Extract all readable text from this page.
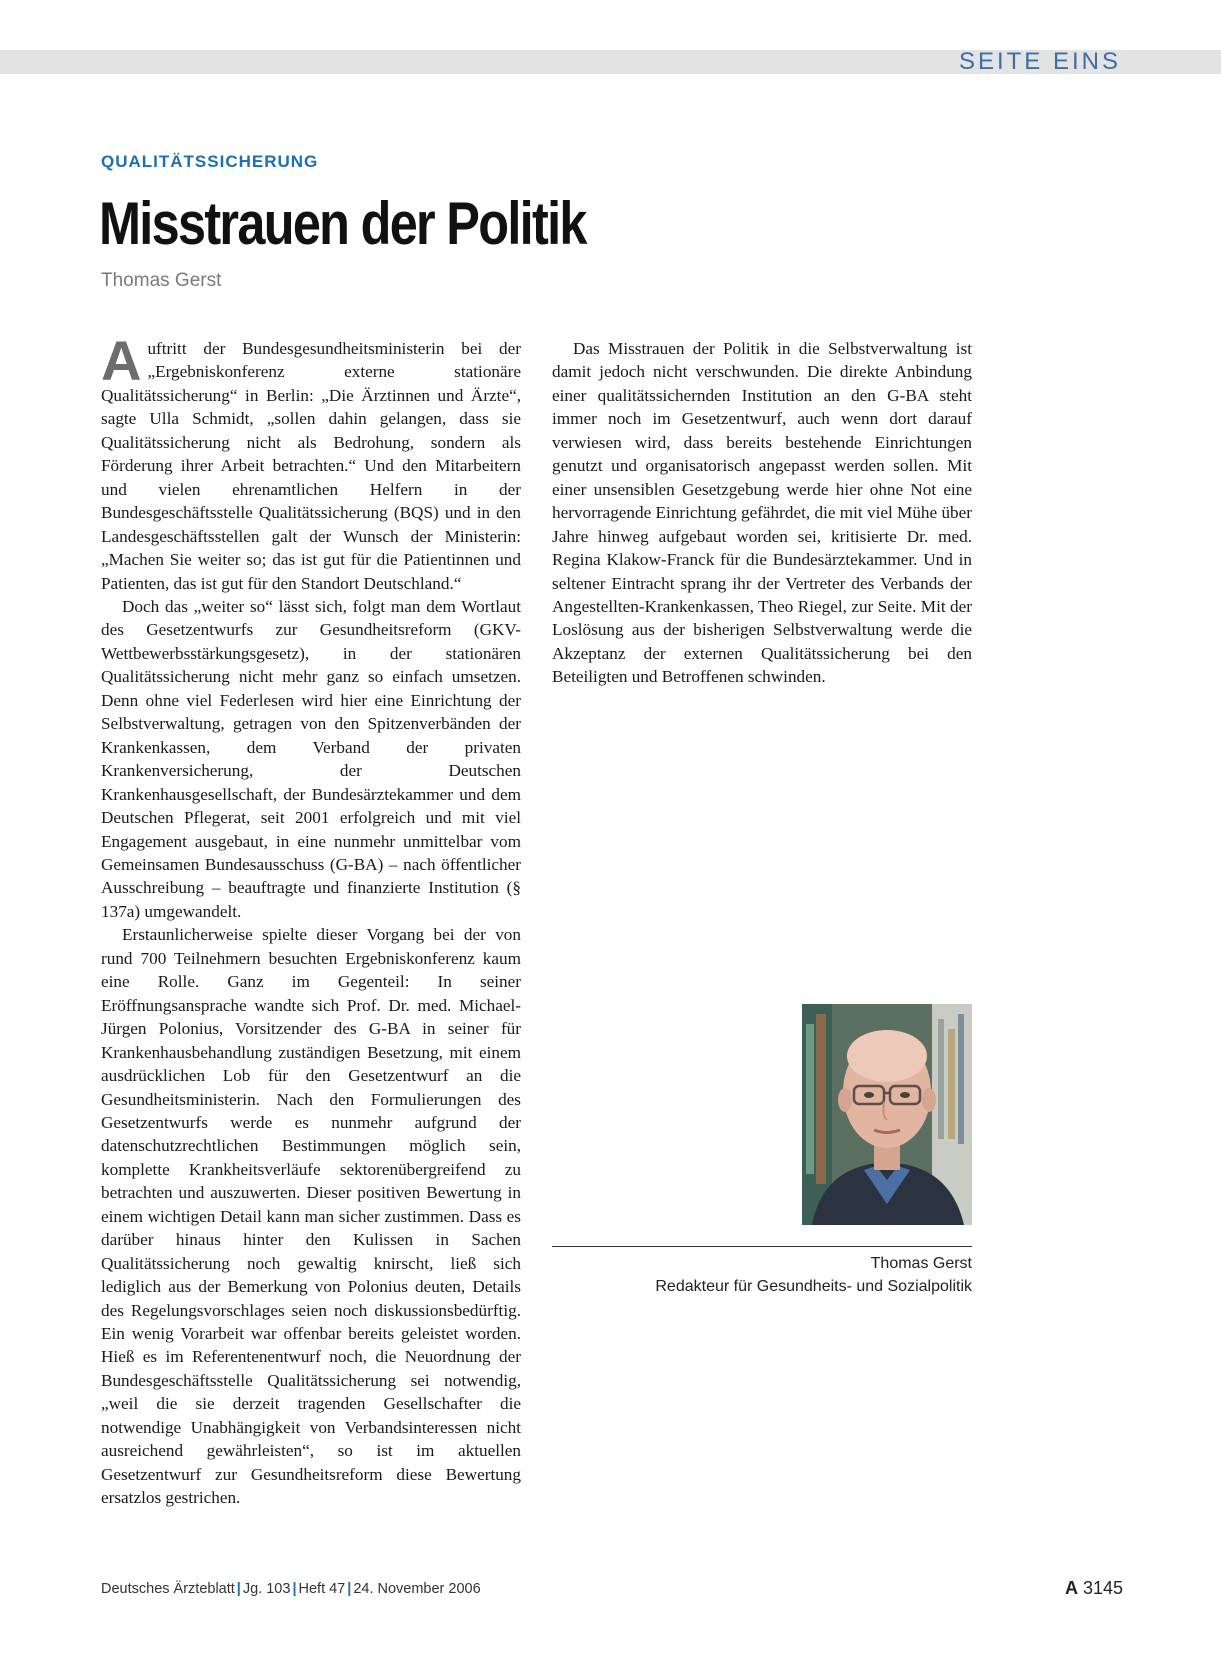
SEITE EINS
QUALITÄTSSICHERUNG
Misstrauen der Politik
Thomas Gerst

Auftritt der Bundesgesundheitsministerin bei der „Ergebniskonferenz externe stationäre Qualitätssicherung“ in Berlin: „Die Ärztinnen und Ärzte“, sagte Ulla Schmidt, „sollen dahin gelangen, dass sie Qualitätssicherung nicht als Bedrohung, sondern als Förderung ihrer Arbeit betrachten.“ Und den Mitarbeitern und vielen ehrenamtlichen Helfern in der Bundesgeschäftsstelle Qualitätssicherung (BQS) und in den Landesgeschäftsstellen galt der Wunsch der Ministerin: „Machen Sie weiter so; das ist gut für die Patientinnen und Patienten, das ist gut für den Standort Deutschland.“

Doch das „weiter so“ lässt sich, folgt man dem Wortlaut des Gesetzentwurfs zur Gesundheitsreform (GKV-Wettbewerbsstärkungsgesetz), in der stationären Qualitätssicherung nicht mehr ganz so einfach umsetzen. Denn ohne viel Federlesen wird hier eine Einrichtung der Selbstverwaltung, getragen von den Spitzenverbänden der Krankenkassen, dem Verband der privaten Krankenversicherung, der Deutschen Krankenhausgesellschaft, der Bundesärztekammer und dem Deutschen Pflegerat, seit 2001 erfolgreich und mit viel Engagement ausgebaut, in eine nunmehr unmittelbar vom Gemeinsamen Bundesausschuss (G-BA) – nach öffentlicher Ausschreibung – beauftragte und finanzierte Institution (§ 137a) umgewandelt.

Erstaunlicherweise spielte dieser Vorgang bei der von rund 700 Teilnehmern besuchten Ergebniskonferenz kaum eine Rolle. Ganz im Gegenteil: In seiner Eröffnungsansprache wandte sich Prof. Dr. med. Michael-Jürgen Polonius, Vorsitzender des G-BA in seiner für Krankenhausbehandlung zuständigen Besetzung, mit einem ausdrücklichen Lob für den Gesetzentwurf an die Gesundheitsministerin. Nach den Formulierungen des Gesetzentwurfs werde es nunmehr aufgrund der datenschutzrechtlichen Bestimmungen möglich sein, komplette Krankheitsverläufe sektorenübergreifend zu betrachten und auszuwerten. Dieser positiven Bewertung in einem wichtigen Detail kann man sicher zustimmen. Dass es darüber hinaus hinter den Kulissen in Sachen Qualitätssicherung noch gewaltig knirscht, ließ sich lediglich aus der Bemerkung von Polonius deuten, Details des Regelungsvorschlages seien noch diskussionsbedürftig. Ein wenig Vorarbeit war offenbar bereits geleistet worden. Hieß es im Referentenentwurf noch, die Neuordnung der Bundesgeschäftsstelle Qualitätssicherung sei notwendig, „weil die sie derzeit tragenden Gesellschafter die notwendige Unabhängigkeit von Verbandsinteressen nicht ausreichend gewährleisten“, so ist im aktuellen Gesetzentwurf zur Gesundheitsreform diese Bewertung ersatzlos gestrichen.

Das Misstrauen der Politik in die Selbstverwaltung ist damit jedoch nicht verschwunden. Die direkte Anbindung einer qualitätssichernden Institution an den G-BA steht immer noch im Gesetzentwurf, auch wenn dort darauf verwiesen wird, dass bereits bestehende Einrichtungen genutzt und organisatorisch angepasst werden sollen. Mit einer unsensiblen Gesetzgebung werde hier ohne Not eine hervorragende Einrichtung gefährdet, die mit viel Mühe über Jahre hinweg aufgebaut worden sei, kritisierte Dr. med. Regina Klakow-Franck für die Bundesärztekammer. Und in seltener Eintracht sprang ihr der Vertreter des Verbands der Angestellten-Krankenkassen, Theo Riegel, zur Seite. Mit der Loslösung aus der bisherigen Selbstverwaltung werde die Akzeptanz der externen Qualitätssicherung bei den Beteiligten und Betroffenen schwinden.

Thomas Gerst
Redakteur für Gesundheits- und Sozialpolitik
Deutsches Ärzteblatt | Jg. 103 | Heft 47 | 24. November 2006	A 3145
